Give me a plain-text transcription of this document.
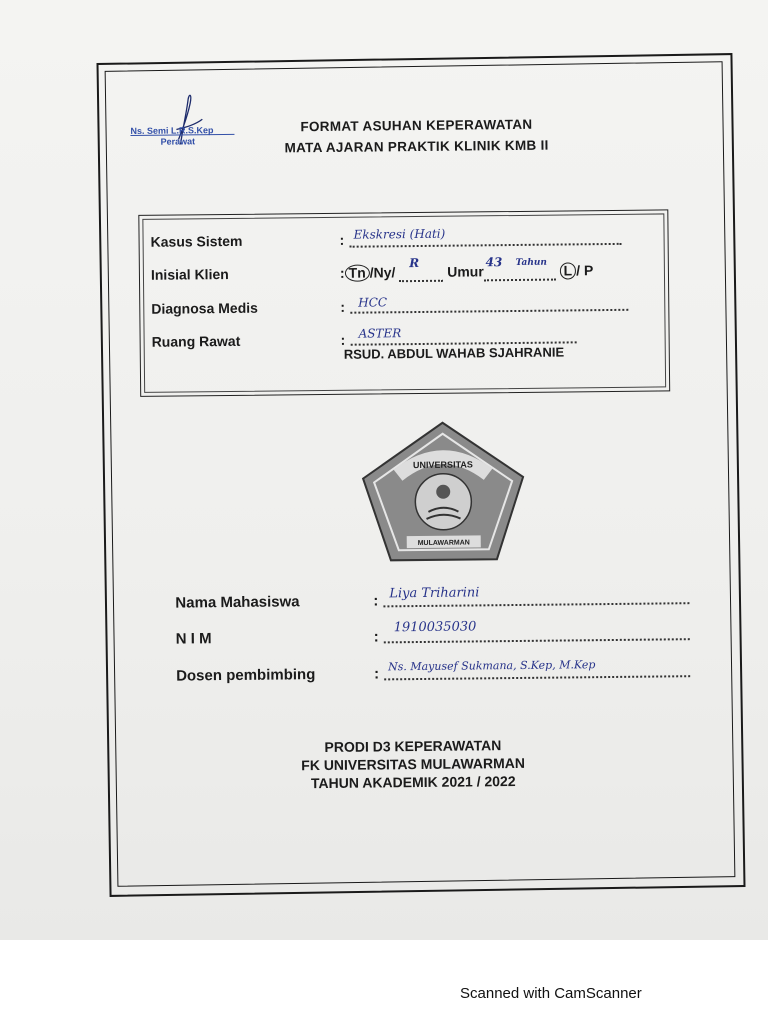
Ns. Semi L.R.S.Kep
Perawat
FORMAT ASUHAN KEPERAWATAN
MATA AJARAN PRAKTIK KLINIK KMB II
Kasus Sistem	: Ekskresi (Hati)
Inisial Klien	: Tn /Ny/
R
Umur
43 Tahun L / P
Diagnosa Medis	: HCC
Ruang Rawat	: ASTER
RSUD. ABDUL WAHAB SJAHRANIE
UNIVERSITAS
MULAWARMAN
Nama Mahasiswa	: Liya Triharini
N I M	:
1910035030
Dosen pembimbing	: Ns. Mayusef Sukmana, S.Kep, M.Kep
PRODI D3 KEPERAWATAN
FK UNIVERSITAS MULAWARMAN
TAHUN AKADEMIK 2021 / 2022
Scanned with CamScanner
